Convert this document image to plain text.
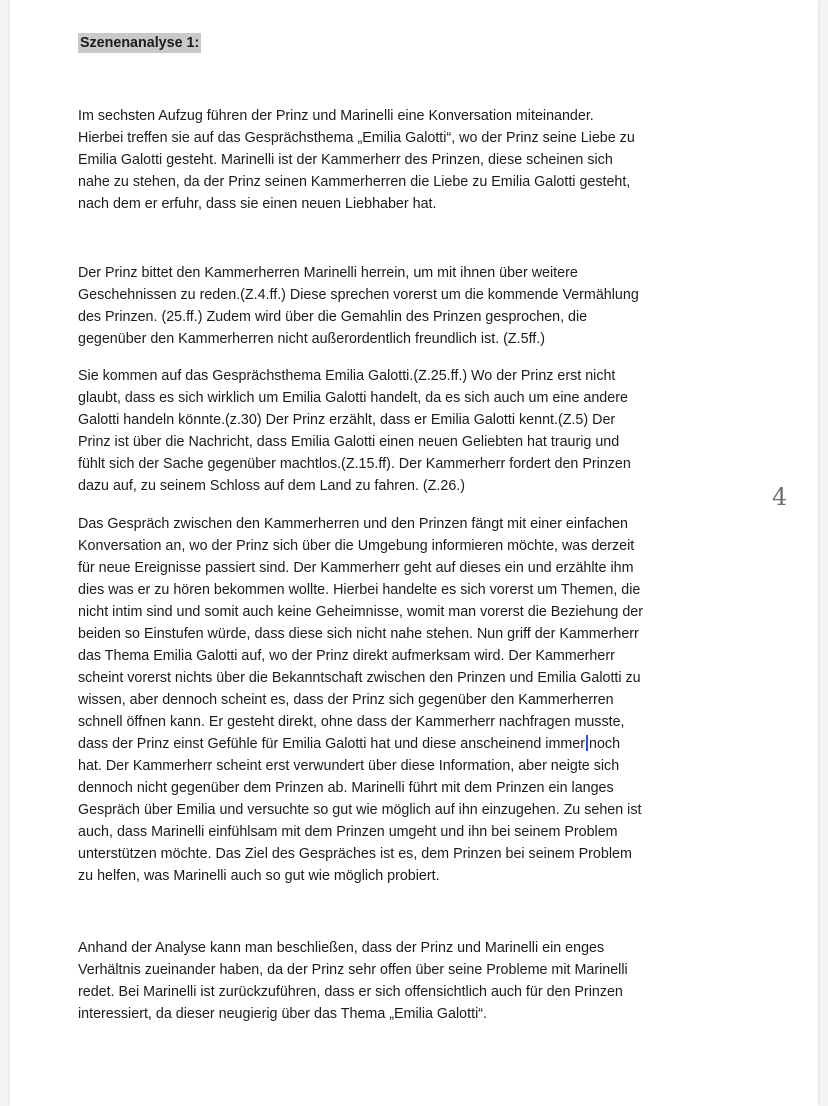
Szenenanalyse 1:

Im sechsten Aufzug führen der Prinz und Marinelli eine Konversation miteinander.
Hierbei treffen sie auf das Gesprächsthema „Emilia Galotti“, wo der Prinz seine Liebe zu
Emilia Galotti gesteht. Marinelli ist der Kammerherr des Prinzen, diese scheinen sich
nahe zu stehen, da der Prinz seinen Kammerherren die Liebe zu Emilia Galotti gesteht,
nach dem er erfuhr, dass sie einen neuen Liebhaber hat.

Der Prinz bittet den Kammerherren Marinelli herrein, um mit ihnen über weitere
Geschehnissen zu reden.(Z.4.ff.) Diese sprechen vorerst um die kommende Vermählung
des Prinzen. (25.ff.) Zudem wird über die Gemahlin des Prinzen gesprochen, die
gegenüber den Kammerherren nicht außerordentlich freundlich ist. (Z.5ff.)

Sie kommen auf das Gesprächsthema Emilia Galotti.(Z.25.ff.) Wo der Prinz erst nicht
glaubt, dass es sich wirklich um Emilia Galotti handelt, da es sich auch um eine andere
Galotti handeln könnte.(z.30) Der Prinz erzählt, dass er Emilia Galotti kennt.(Z.5) Der
Prinz ist über die Nachricht, dass Emilia Galotti einen neuen Geliebten hat traurig und
fühlt sich der Sache gegenüber machtlos.(Z.15.ff). Der Kammerherr fordert den Prinzen
dazu auf, zu seinem Schloss auf dem Land zu fahren. (Z.26.)

Das Gespräch zwischen den Kammerherren und den Prinzen fängt mit einer einfachen
Konversation an, wo der Prinz sich über die Umgebung informieren möchte, was derzeit
für neue Ereignisse passiert sind. Der Kammerherr geht auf dieses ein und erzählte ihm
dies was er zu hören bekommen wollte. Hierbei handelte es sich vorerst um Themen, die
nicht intim sind und somit auch keine Geheimnisse, womit man vorerst die Beziehung der
beiden so Einstufen würde, dass diese sich nicht nahe stehen. Nun griff der Kammerherr
das Thema Emilia Galotti auf, wo der Prinz direkt aufmerksam wird. Der Kammerherr
scheint vorerst nichts über die Bekanntschaft zwischen den Prinzen und Emilia Galotti zu
wissen, aber dennoch scheint es, dass der Prinz sich gegenüber den Kammerherren
schnell öffnen kann. Er gesteht direkt, ohne dass der Kammerherr nachfragen musste,
dass der Prinz einst Gefühle für Emilia Galotti hat und diese anscheinend immer noch
hat. Der Kammerherr scheint erst verwundert über diese Information, aber neigte sich
dennoch nicht gegenüber dem Prinzen ab. Marinelli führt mit dem Prinzen ein langes
Gespräch über Emilia und versuchte so gut wie möglich auf ihn einzugehen. Zu sehen ist
auch, dass Marinelli einfühlsam mit dem Prinzen umgeht und ihn bei seinem Problem
unterstützen möchte. Das Ziel des Gespräches ist es, dem Prinzen bei seinem Problem
zu helfen, was Marinelli auch so gut wie möglich probiert.

Anhand der Analyse kann man beschließen, dass der Prinz und Marinelli ein enges
Verhältnis zueinander haben, da der Prinz sehr offen über seine Probleme mit Marinelli
redet. Bei Marinelli ist zurückzuführen, dass er sich offensichtlich auch für den Prinzen
interessiert, da dieser neugierig über das Thema „Emilia Galotti“.

4
